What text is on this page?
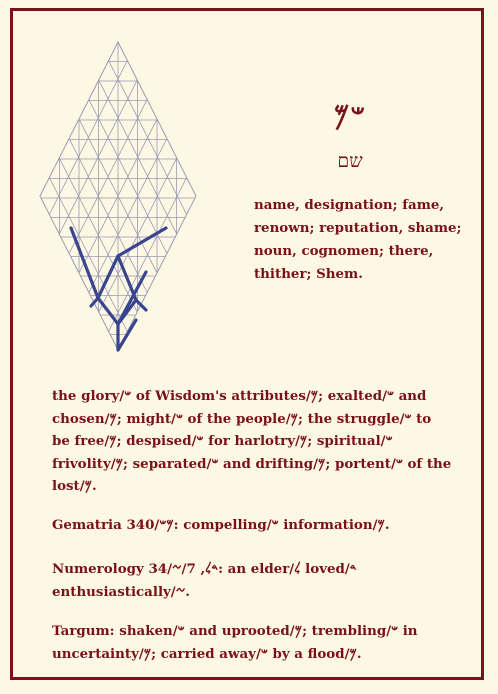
𐤔𐤌
שם
name, designation; fame, renown; reputation, shame; noun, cognomen; there, thither; Shem.
the glory/𐤔 of Wisdom's attributes/𐤌; exalted/𐤔 and chosen/𐤌; might/𐤔 of the people/𐤌; the struggle/𐤔 to be free/𐤌; despised/𐤔 for harlotry/𐤌; spiritual/𐤔 frivolity/𐤌; separated/𐤔 and drifting/𐤌; portent/𐤔 of the lost/𐤌.
Gematria 340/𐤌𐤔: compelling/𐤔 information/𐤌.
Numerology 34/𐤃𐤋, 7/𐤆: an elder/𐤋 loved/𐤃 enthusiastically/𐤆.
Targum: shaken/𐤔 and uprooted/𐤌; trembling/𐤔 in uncertainty/𐤌; carried away/𐤔 by a flood/𐤌.
